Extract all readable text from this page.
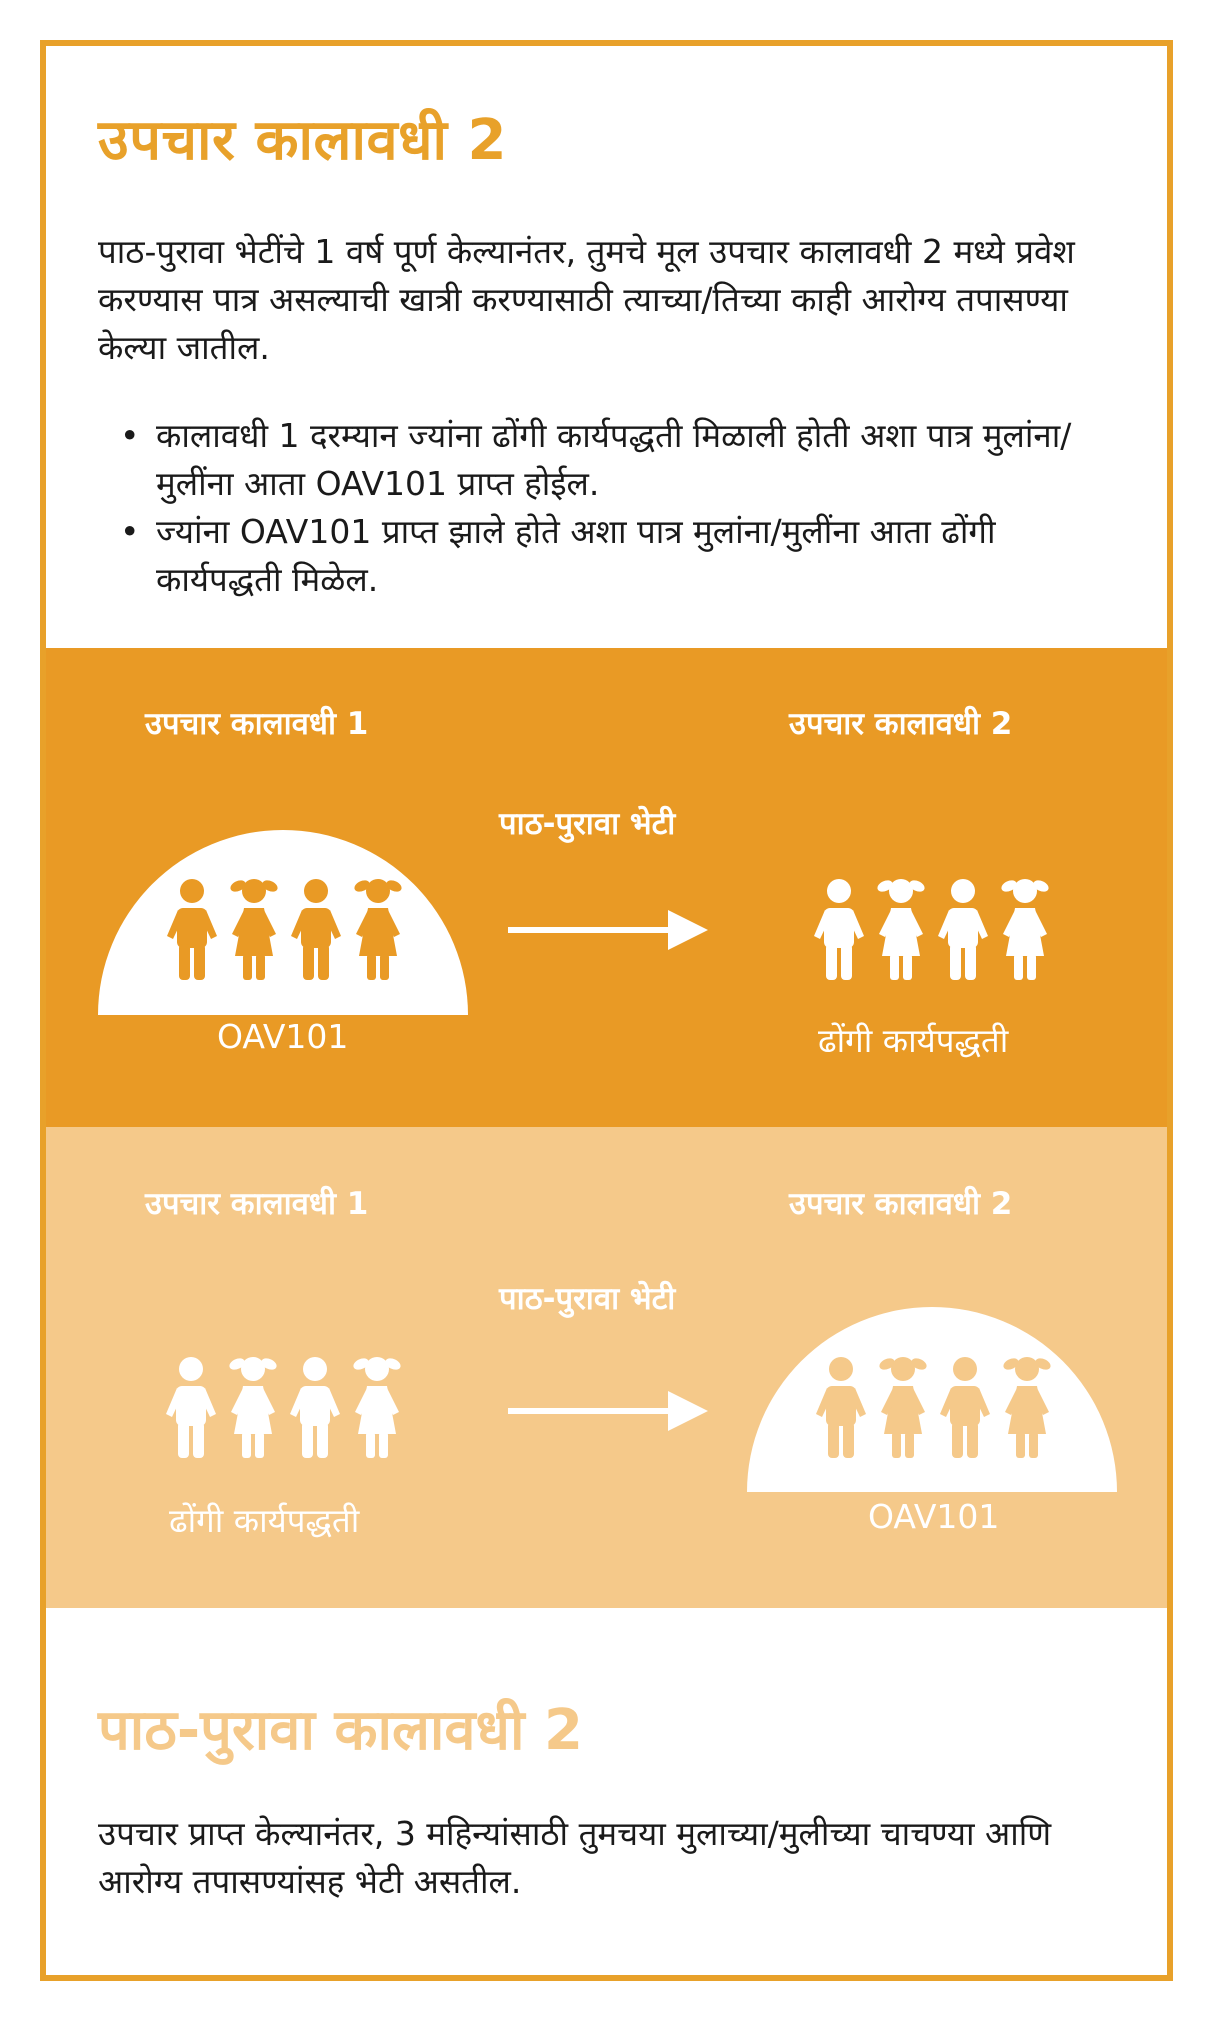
उपचार कालावधी 2

पाठ-पुरावा भेटींचे 1 वर्ष पूर्ण केल्यानंतर, तुमचे मूल उपचार कालावधी 2 मध्ये प्रवेश करण्यास पात्र असल्याची खात्री करण्यासाठी त्याच्या/तिच्या काही आरोग्य तपासण्या केल्या जातील.

• कालावधी 1 दरम्यान ज्यांना ढोंगी कार्यपद्धती मिळाली होती अशा पात्र मुलांना/मुलींना आता OAV101 प्राप्त होईल.
• ज्यांना OAV101 प्राप्त झाले होते अशा पात्र मुलांना/मुलींना आता ढोंगी कार्यपद्धती मिळेल.
उपचार कालावधी 1	उपचार कालावधी 2
पाठ-पुरावा भेटी
OAV101	ढोंगी कार्यपद्धती
उपचार कालावधी 1	उपचार कालावधी 2
पाठ-पुरावा भेटी
ढोंगी कार्यपद्धती	OAV101
पाठ-पुरावा कालावधी 2

उपचार प्राप्त केल्यानंतर, 3 महिन्यांसाठी तुमचया मुलाच्या/मुलीच्या चाचण्या आणि आरोग्य तपासण्यांसह भेटी असतील.
